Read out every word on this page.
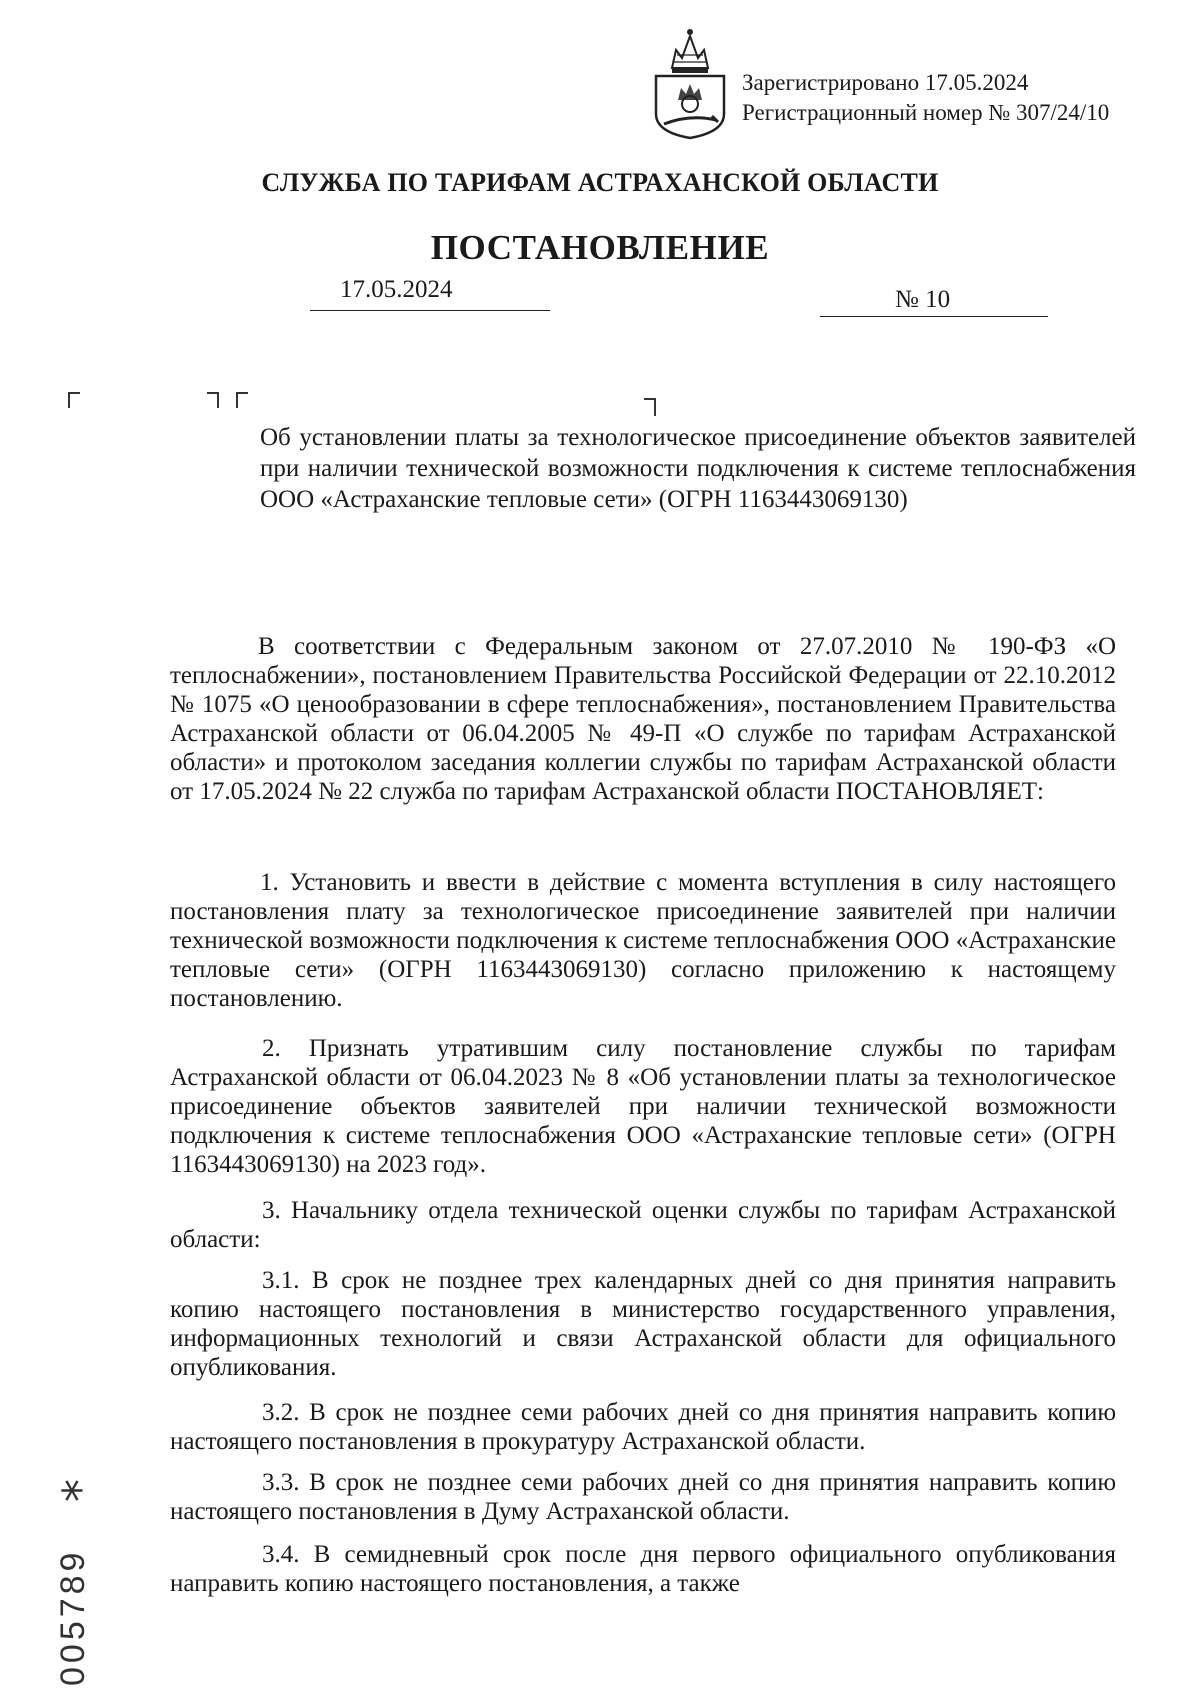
Зарегистрировано 17.05.2024
Регистрационный номер № 307/24/10
СЛУЖБА ПО ТАРИФАМ АСТРАХАНСКОЙ ОБЛАСТИ
ПОСТАНОВЛЕНИЕ
17.05.2024	№ 10
Об установлении платы за технологическое присоединение объектов заявителей при наличии технической возможности подключения к системе теплоснабжения ООО «Астраханские тепловые сети» (ОГРН 1163443069130)

В соответствии с Федеральным законом от 27.07.2010 № 190-ФЗ «О теплоснабжении», постановлением Правительства Российской Федерации от 22.10.2012 № 1075 «О ценообразовании в сфере теплоснабжения», постановлением Правительства Астраханской области от 06.04.2005 № 49-П «О службе по тарифам Астраханской области» и протоколом заседания коллегии службы по тарифам Астраханской области от 17.05.2024 № 22 служба по тарифам Астраханской области ПОСТАНОВЛЯЕТ:

1. Установить и ввести в действие с момента вступления в силу настоящего постановления плату за технологическое присоединение заявителей при наличии технической возможности подключения к системе теплоснабжения ООО «Астраханские тепловые сети» (ОГРН 1163443069130) согласно приложению к настоящему постановлению.

2. Признать утратившим силу постановление службы по тарифам Астраханской области от 06.04.2023 № 8 «Об установлении платы за технологическое присоединение объектов заявителей при наличии технической возможности подключения к системе теплоснабжения ООО «Астраханские тепловые сети» (ОГРН 1163443069130) на 2023 год».

3. Начальнику отдела технической оценки службы по тарифам Астраханской области:

3.1. В срок не позднее трех календарных дней со дня принятия направить копию настоящего постановления в министерство государственного управления, информационных технологий и связи Астраханской области для официального опубликования.

3.2. В срок не позднее семи рабочих дней со дня принятия направить копию настоящего постановления в прокуратуру Астраханской области.

3.3. В срок не позднее семи рабочих дней со дня принятия направить копию настоящего постановления в Думу Астраханской области.

3.4. В семидневный срок после дня первого официального опубликования направить копию настоящего постановления, а также

005789
*
